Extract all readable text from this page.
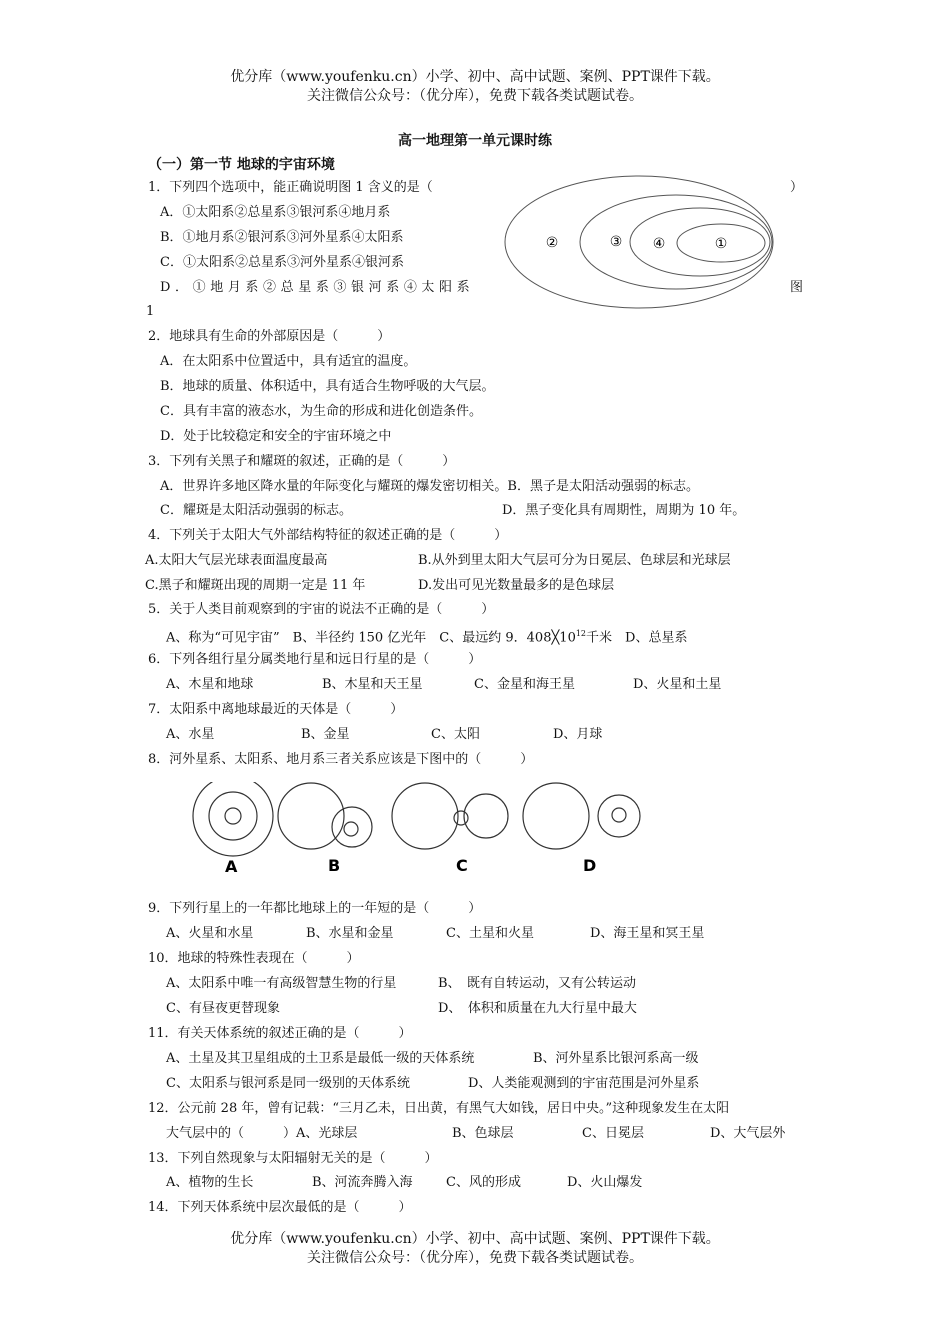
优分库（www.youfenku.cn）小学、初中、高中试题、案例、PPT课件下载。
关注微信公众号：（优分库），免费下载各类试题试卷。
高一地理第一单元课时练
（一）第一节 地球的宇宙环境
1．下列四个选项中，能正确说明图 1 含义的是（	）
A．①太阳系②总星系③银河系④地月系
B．①地月系②银河系③河外星系④太阳系
C．①太阳系②总星系③河外星系④银河系
D．①地月系②总星系③银河系④太阳系	图
1
②	③ ④	①
2．地球具有生命的外部原因是（　　　）
A．在太阳系中位置适中，具有适宜的温度。
B．地球的质量、体积适中，具有适合生物呼吸的大气层。
C．具有丰富的液态水，为生命的形成和进化创造条件。
D．处于比较稳定和安全的宇宙环境之中
3．下列有关黑子和耀斑的叙述，正确的是（　　　）
A．世界许多地区降水量的年际变化与耀斑的爆发密切相关。B．黑子是太阳活动强弱的标志。
C．耀斑是太阳活动强弱的标志。	D．黑子变化具有周期性，周期为 10 年。
4．下列关于太阳大气外部结构特征的叙述正确的是（　　　）
A.太阳大气层光球表面温度最高	B.从外到里太阳大气层可分为日冕层、色球层和光球层
C.黑子和耀斑出现的周期一定是 11 年	D.发出可见光数量最多的是色球层
5．关于人类目前观察到的宇宙的说法不正确的是（　　　）
A、称为“可见宇宙”　B、半径约 150 亿光年　C、最远约 9．$408╳10^{12}$千米　D、总星系
6．下列各组行星分属类地行星和远日行星的是（　　　）
A、木星和地球	B、木星和天王星	C、金星和海王星	D、火星和土星
7．太阳系中离地球最近的天体是（　　　）
A、水星	B、金星	C、太阳	D、月球
8．河外星系、太阳系、地月系三者关系应该是下图中的（　　　）
A	B	C	D
9．下列行星上的一年都比地球上的一年短的是（　　　）
A、火星和水星	B、水星和金星	C、土星和火星	D、海王星和冥王星
10．地球的特殊性表现在（　　　）
A、太阳系中唯一有高级智慧生物的行星	B、　既有自转运动，又有公转运动
C、有昼夜更替现象	D、　体积和质量在九大行星中最大
11．有关天体系统的叙述正确的是（　　　）
A、土星及其卫星组成的土卫系是最低一级的天体系统	B、河外星系比银河系高一级
C、太阳系与银河系是同一级别的天体系统	D、人类能观测到的宇宙范围是河外星系
12．公元前 28 年，曾有记载：“三月乙未，日出黄，有黑气大如钱，居日中央。”这种现象发生在太阳
大气层中的（　　　）A、光球层	B、色球层	C、日冕层	D、大气层外
13．下列自然现象与太阳辐射无关的是（　　　）
A、植物的生长	B、河流奔腾入海	C、风的形成	D、火山爆发
14．下列天体系统中层次最低的是（　　　）
优分库（www.youfenku.cn）小学、初中、高中试题、案例、PPT课件下载。
关注微信公众号：（优分库），免费下载各类试题试卷。
